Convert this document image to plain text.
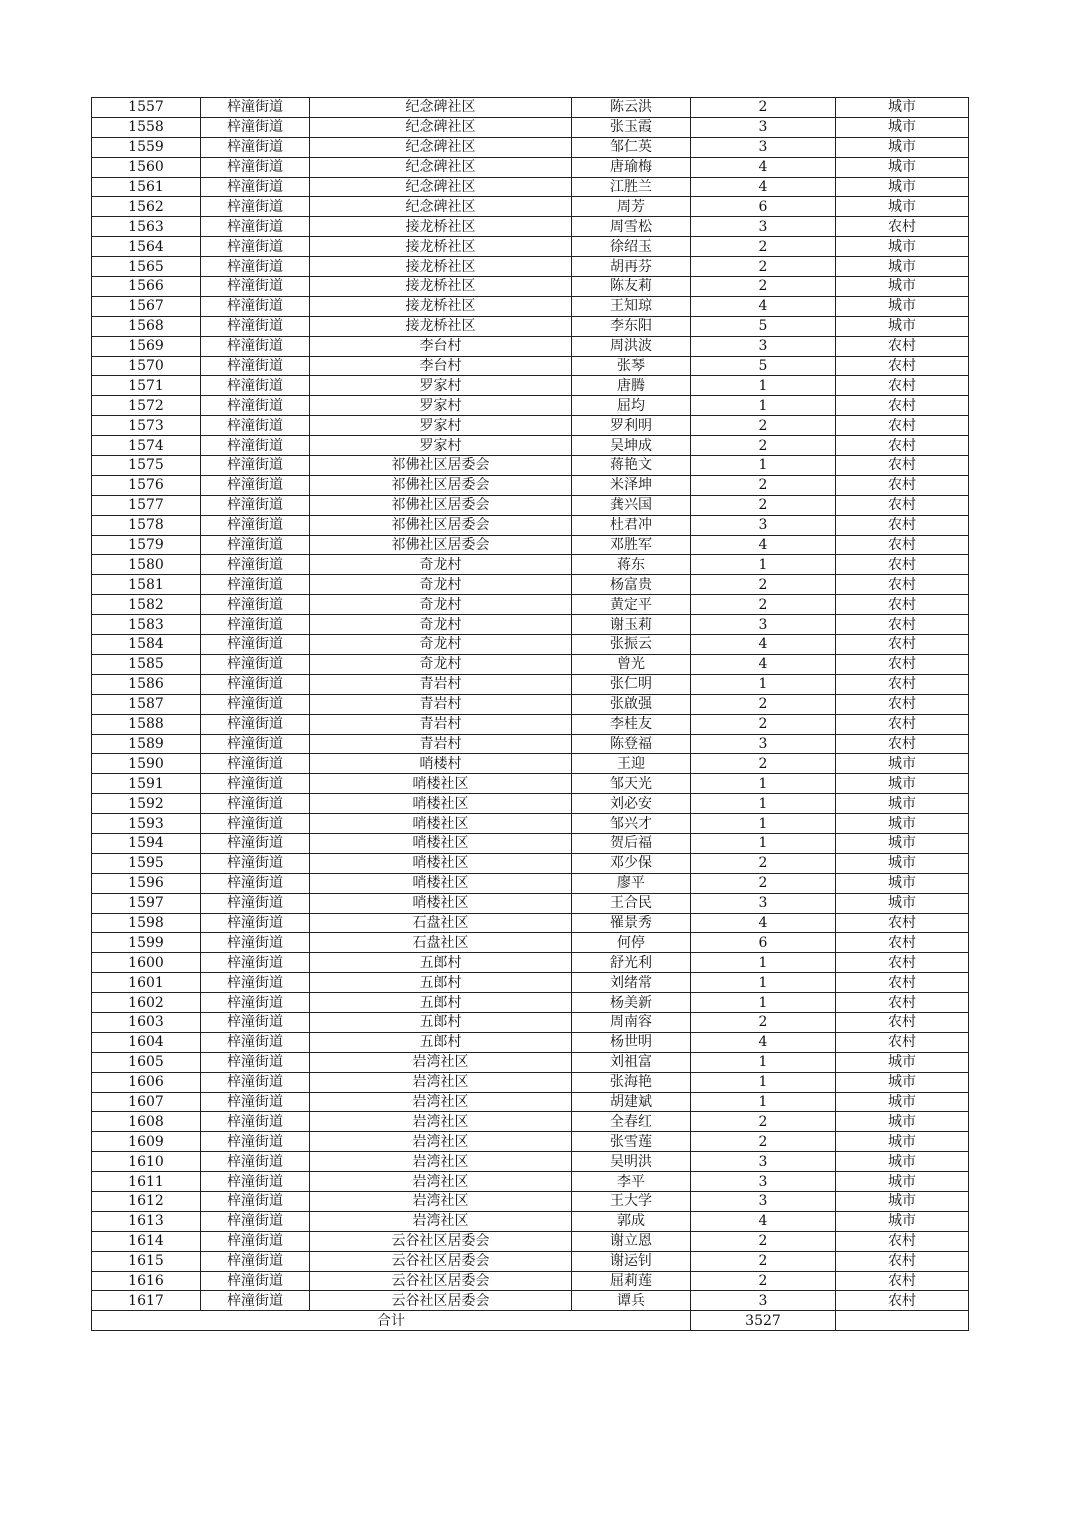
1557	梓潼街道	纪念碑社区	陈云洪	2	城市
1558	梓潼街道	纪念碑社区	张玉霞	3	城市
1559	梓潼街道	纪念碑社区	邹仁英	3	城市
1560	梓潼街道	纪念碑社区	唐瑜梅	4	城市
1561	梓潼街道	纪念碑社区	江胜兰	4	城市
1562	梓潼街道	纪念碑社区	周芳	6	城市
1563	梓潼街道	接龙桥社区	周雪松	3	农村
1564	梓潼街道	接龙桥社区	徐绍玉	2	城市
1565	梓潼街道	接龙桥社区	胡再芬	2	城市
1566	梓潼街道	接龙桥社区	陈友莉	2	城市
1567	梓潼街道	接龙桥社区	王知琼	4	城市
1568	梓潼街道	接龙桥社区	李东阳	5	城市
1569	梓潼街道	李台村	周洪波	3	农村
1570	梓潼街道	李台村	张琴	5	农村
1571	梓潼街道	罗家村	唐腾	1	农村
1572	梓潼街道	罗家村	屈均	1	农村
1573	梓潼街道	罗家村	罗利明	2	农村
1574	梓潼街道	罗家村	吴坤成	2	农村
1575	梓潼街道	祁佛社区居委会	蒋艳文	1	农村
1576	梓潼街道	祁佛社区居委会	米泽坤	2	农村
1577	梓潼街道	祁佛社区居委会	龚兴国	2	农村
1578	梓潼街道	祁佛社区居委会	杜君冲	3	农村
1579	梓潼街道	祁佛社区居委会	邓胜军	4	农村
1580	梓潼街道	奇龙村	蒋东	1	农村
1581	梓潼街道	奇龙村	杨富贵	2	农村
1582	梓潼街道	奇龙村	黄定平	2	农村
1583	梓潼街道	奇龙村	谢玉莉	3	农村
1584	梓潼街道	奇龙村	张振云	4	农村
1585	梓潼街道	奇龙村	曾光	4	农村
1586	梓潼街道	青岩村	张仁明	1	农村
1587	梓潼街道	青岩村	张啟强	2	农村
1588	梓潼街道	青岩村	李桂友	2	农村
1589	梓潼街道	青岩村	陈登福	3	农村
1590	梓潼街道	哨楼村	王迎	2	城市
1591	梓潼街道	哨楼社区	邹天光	1	城市
1592	梓潼街道	哨楼社区	刘必安	1	城市
1593	梓潼街道	哨楼社区	邹兴才	1	城市
1594	梓潼街道	哨楼社区	贺后福	1	城市
1595	梓潼街道	哨楼社区	邓少保	2	城市
1596	梓潼街道	哨楼社区	廖平	2	城市
1597	梓潼街道	哨楼社区	王合民	3	城市
1598	梓潼街道	石盘社区	罹景秀	4	农村
1599	梓潼街道	石盘社区	何停	6	农村
1600	梓潼街道	五郎村	舒光利	1	农村
1601	梓潼街道	五郎村	刘绪常	1	农村
1602	梓潼街道	五郎村	杨美新	1	农村
1603	梓潼街道	五郎村	周南容	2	农村
1604	梓潼街道	五郎村	杨世明	4	农村
1605	梓潼街道	岩湾社区	刘祖富	1	城市
1606	梓潼街道	岩湾社区	张海艳	1	城市
1607	梓潼街道	岩湾社区	胡建斌	1	城市
1608	梓潼街道	岩湾社区	全春红	2	城市
1609	梓潼街道	岩湾社区	张雪莲	2	城市
1610	梓潼街道	岩湾社区	吴明洪	3	城市
1611	梓潼街道	岩湾社区	李平	3	城市
1612	梓潼街道	岩湾社区	王大学	3	城市
1613	梓潼街道	岩湾社区	郭成	4	城市
1614	梓潼街道	云谷社区居委会	谢立恩	2	农村
1615	梓潼街道	云谷社区居委会	谢运钊	2	农村
1616	梓潼街道	云谷社区居委会	屈莉莲	2	农村
1617	梓潼街道	云谷社区居委会	谭兵	3	农村
合计				3527	
